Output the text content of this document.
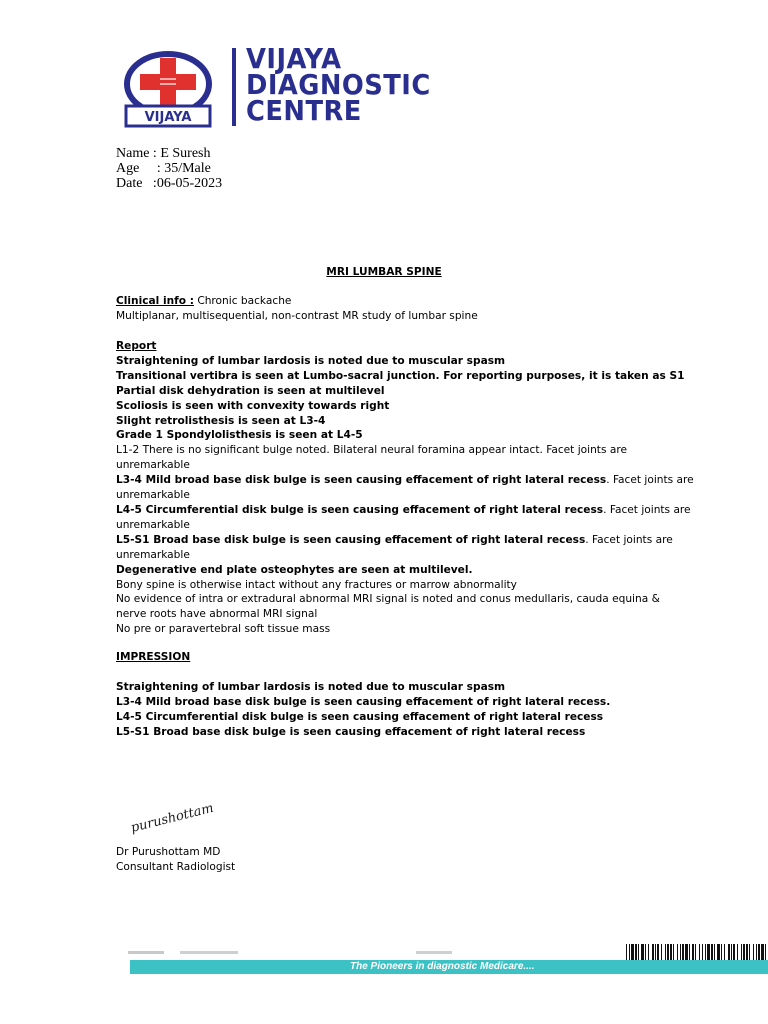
VIJAYA
VIJAYA
DIAGNOSTIC
CENTRE
Name : E Suresh
Age     : 35/Male
Date   :06-05-2023
MRI LUMBAR SPINE
Clinical info : Chronic backache
Multiplanar, multisequential, non-contrast MR study of lumbar spine
Report
Straightening of lumbar lardosis is noted due to muscular spasm
Transitional vertibra is seen at Lumbo-sacral junction. For reporting purposes, it is taken as S1
Partial disk dehydration is seen at multilevel
Scoliosis is seen with convexity towards right
Slight retrolisthesis is seen at L3-4
Grade 1 Spondylolisthesis is seen at L4-5
L1-2 There is no significant bulge noted. Bilateral neural foramina appear intact. Facet joints are
unremarkable
L3-4 Mild broad base disk bulge is seen causing effacement of right lateral recess. Facet joints are
unremarkable
L4-5 Circumferential disk bulge is seen causing effacement of right lateral recess. Facet joints are
unremarkable
L5-S1 Broad base disk bulge is seen causing effacement of right lateral recess. Facet joints are
unremarkable
Degenerative end plate osteophytes are seen at multilevel.
Bony spine is otherwise intact without any fractures or marrow abnormality
No evidence of intra or extradural abnormal MRI signal is noted and conus medullaris, cauda equina &
nerve roots have abnormal MRI signal
No pre or paravertebral soft tissue mass
IMPRESSION

Straightening of lumbar lardosis is noted due to muscular spasm
L3-4 Mild broad base disk bulge is seen causing effacement of right lateral recess.
L4-5 Circumferential disk bulge is seen causing effacement of right lateral recess
L5-S1 Broad base disk bulge is seen causing effacement of right lateral recess
purushottam
Dr Purushottam MD
Consultant Radiologist
The Pioneers in diagnostic Medicare....
